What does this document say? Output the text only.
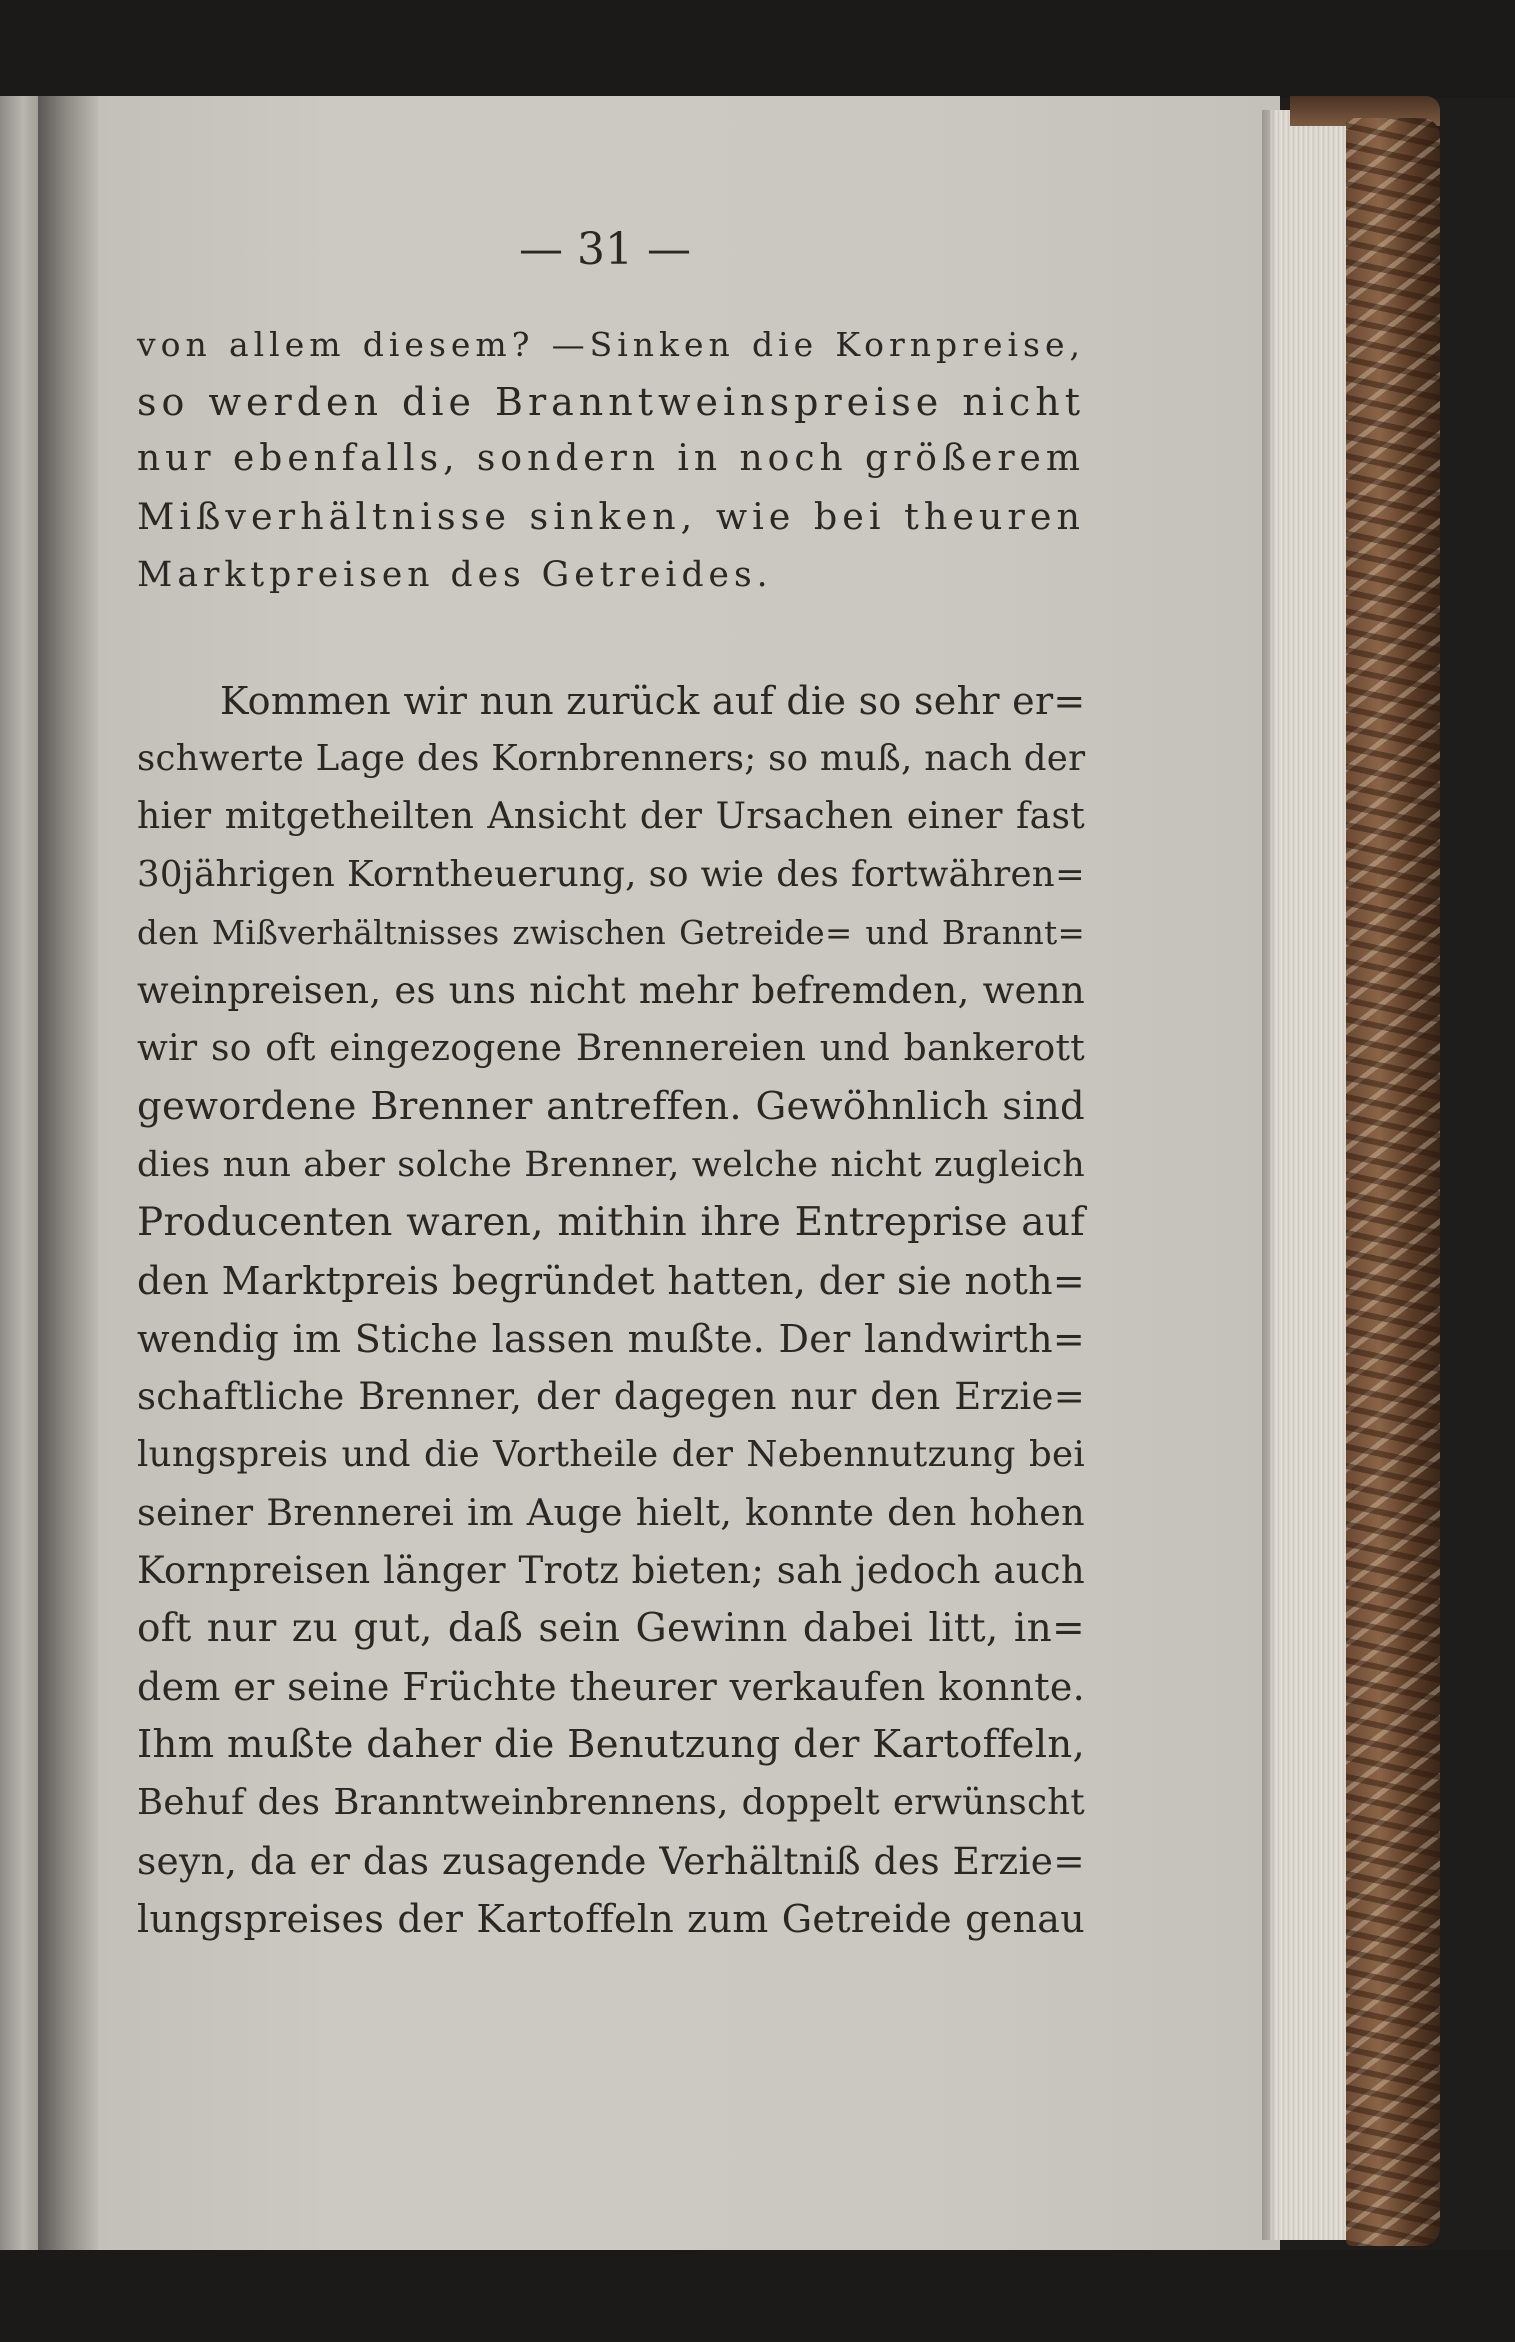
— 31 —

von allem diesem? —Sinken die Kornpreise,

so werden die Branntweinspreise nicht

nur ebenfalls, sondern in noch größerem

Mißverhältnisse sinken, wie bei theuren

Marktpreisen des Getreides.

Kommen wir nun zurück auf die so sehr er=

schwerte Lage des Kornbrenners; so muß, nach der

hier mitgetheilten Ansicht der Ursachen einer fast

30jährigen Korntheuerung, so wie des fortwähren=

den Mißverhältnisses zwischen Getreide= und Brannt=

weinpreisen, es uns nicht mehr befremden, wenn

wir so oft eingezogene Brennereien und bankerott

gewordene Brenner antreffen. Gewöhnlich sind

dies nun aber solche Brenner, welche nicht zugleich

Producenten waren, mithin ihre Entreprise auf

den Marktpreis begründet hatten, der sie noth=

wendig im Stiche lassen mußte. Der landwirth=

schaftliche Brenner, der dagegen nur den Erzie=

lungspreis und die Vortheile der Nebennutzung bei

seiner Brennerei im Auge hielt, konnte den hohen

Kornpreisen länger Trotz bieten; sah jedoch auch

oft nur zu gut, daß sein Gewinn dabei litt, in=

dem er seine Früchte theurer verkaufen konnte.

Ihm mußte daher die Benutzung der Kartoffeln,

Behuf des Branntweinbrennens, doppelt erwünscht

seyn, da er das zusagende Verhältniß des Erzie=

lungspreises der Kartoffeln zum Getreide genau
